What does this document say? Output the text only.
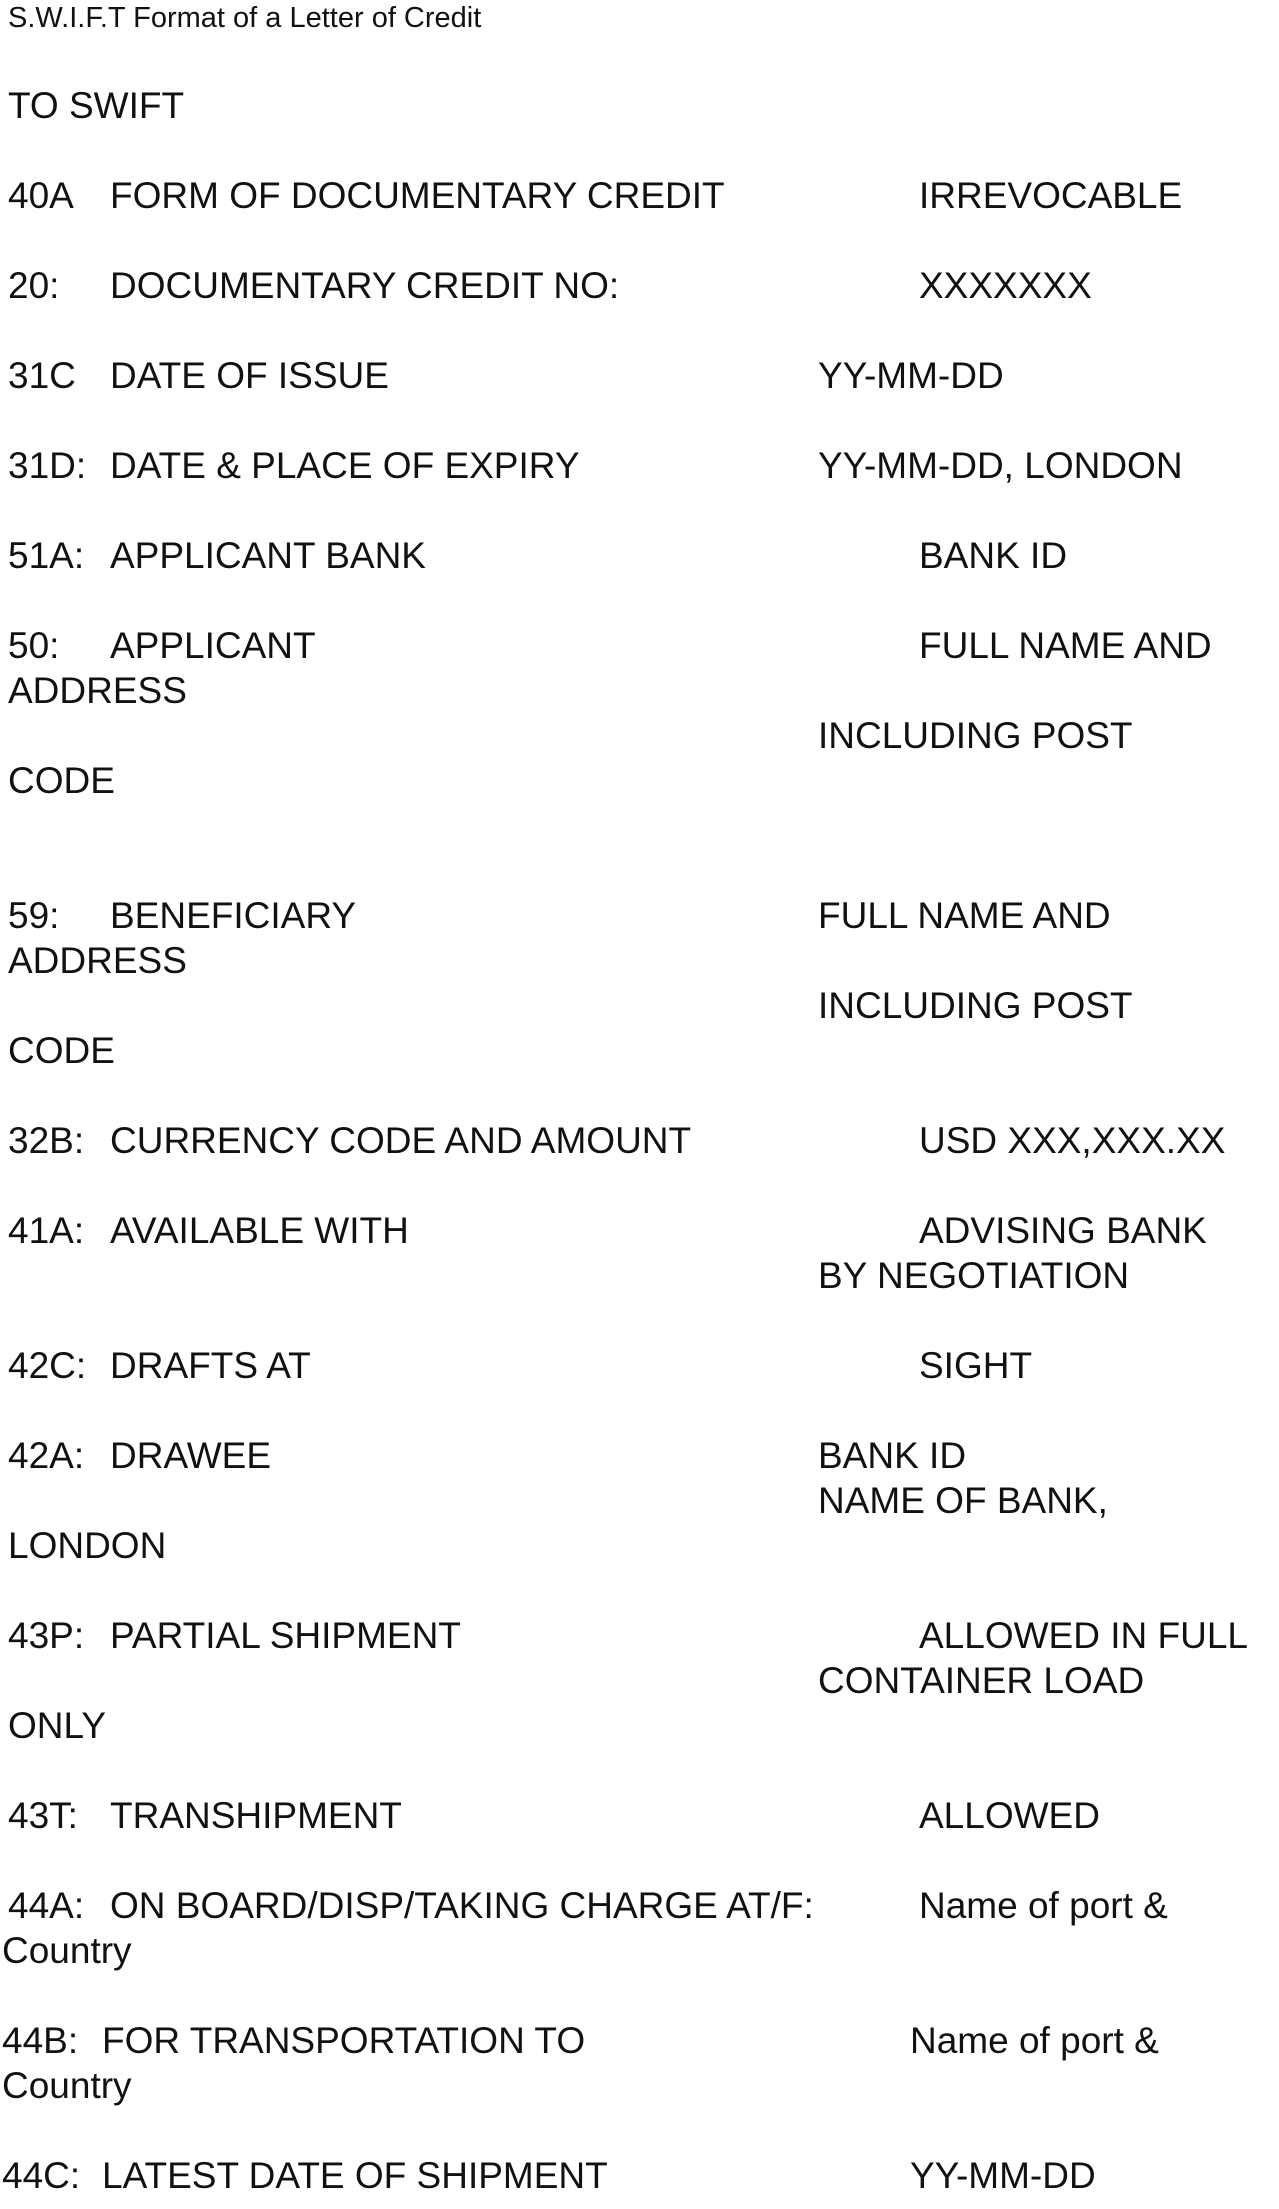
S.W.I.F.T Format of a Letter of Credit
TO SWIFT
40A FORM OF DOCUMENTARY CREDIT	IRREVOCABLE
20: DOCUMENTARY CREDIT NO:	XXXXXXX
31C DATE OF ISSUE	YY-MM-DD
31D: DATE & PLACE OF EXPIRY	YY-MM-DD, LONDON
51A: APPLICANT BANK	BANK ID
50: APPLICANT	FULL NAME AND
ADDRESS
INCLUDING POST
CODE
59: BENEFICIARY	FULL NAME AND
ADDRESS
INCLUDING POST
CODE
32B: CURRENCY CODE AND AMOUNT	USD XXX,XXX.XX
41A: AVAILABLE WITH	ADVISING BANK
BY NEGOTIATION
42C: DRAFTS AT	SIGHT
42A: DRAWEE	BANK ID
NAME OF BANK,
LONDON
43P: PARTIAL SHIPMENT	ALLOWED IN FULL
CONTAINER LOAD
ONLY
43T: TRANSHIPMENT	ALLOWED
44A: ON BOARD/DISP/TAKING CHARGE AT/F:	Name of port &
Country
44B: FOR TRANSPORTATION TO	Name of port &
Country
44C: LATEST DATE OF SHIPMENT	YY-MM-DD
